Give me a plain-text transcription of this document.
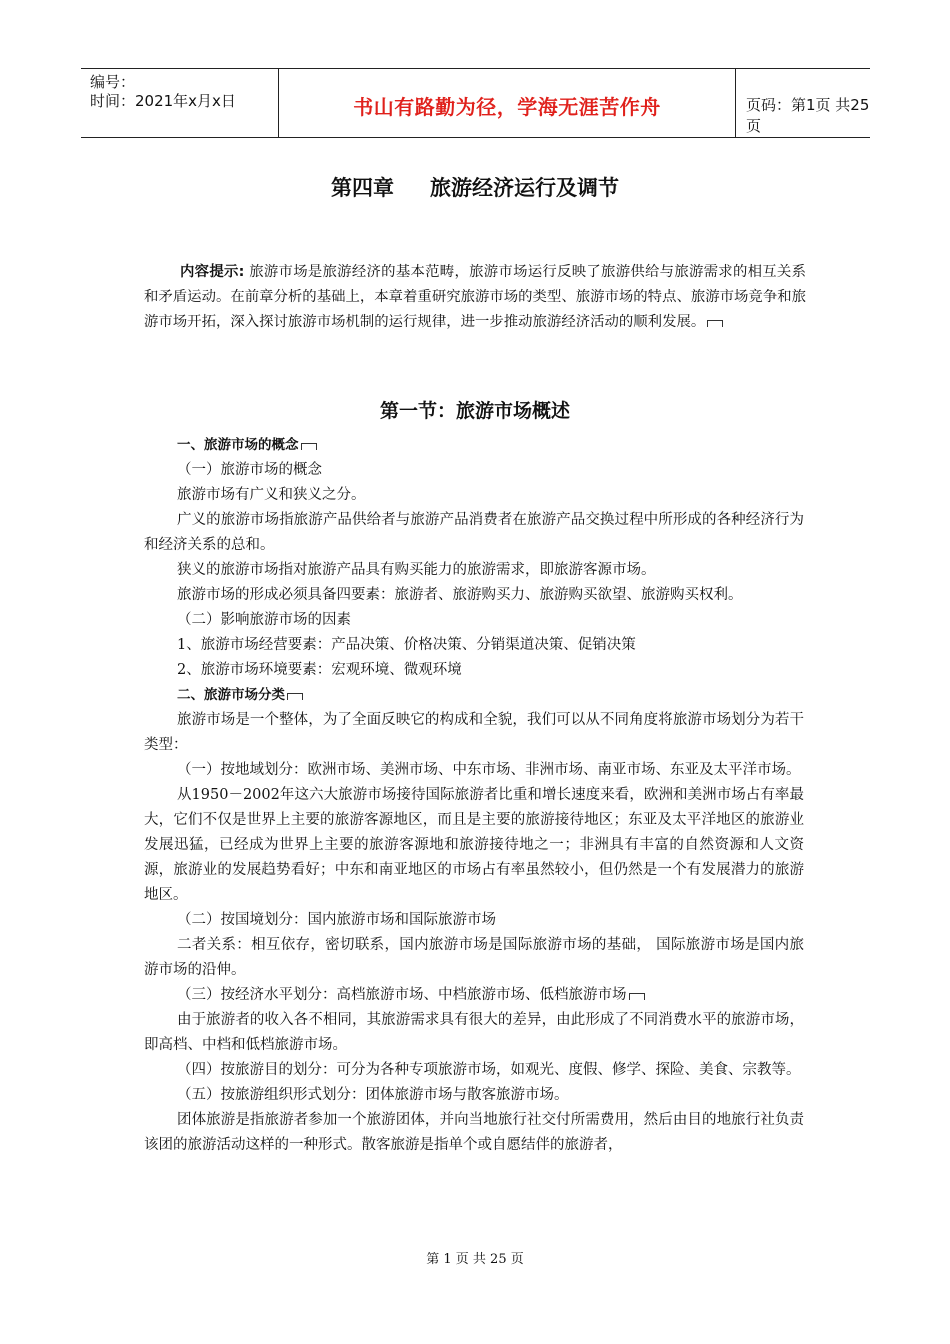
编号：
时间：2021年x月x日	书山有路勤为径，学海无涯苦作舟	页码：第1页 共25页
第四章 旅游经济运行及调节
内容提示: 旅游市场是旅游经济的基本范畴，旅游市场运行反映了旅游供给与旅游需求的相互关系和矛盾运动。在前章分析的基础上，本章着重研究旅游市场的类型、旅游市场的特点、旅游市场竞争和旅游市场开拓，深入探讨旅游市场机制的运行规律，进一步推动旅游经济活动的顺利发展。
第一节：旅游市场概述

一、旅游市场的概念

（一）旅游市场的概念

旅游市场有广义和狭义之分。

广义的旅游市场指旅游产品供给者与旅游产品消费者在旅游产品交换过程中所形成的各种经济行为和经济关系的总和。

狭义的旅游市场指对旅游产品具有购买能力的旅游需求，即旅游客源市场。

旅游市场的形成必须具备四要素：旅游者、旅游购买力、旅游购买欲望、旅游购买权利。

（二）影响旅游市场的因素

1、旅游市场经营要素：产品决策、价格决策、分销渠道决策、促销决策

2、旅游市场环境要素：宏观环境、微观环境

二、旅游市场分类

旅游市场是一个整体，为了全面反映它的构成和全貌，我们可以从不同角度将旅游市场划分为若干类型：

（一）按地域划分：欧洲市场、美洲市场、中东市场、非洲市场、南亚市场、东亚及太平洋市场。

从1950－2002年这六大旅游市场接待国际旅游者比重和增长速度来看，欧洲和美洲市场占有率最大，它们不仅是世界上主要的旅游客源地区，而且是主要的旅游接待地区；东亚及太平洋地区的旅游业发展迅猛，已经成为世界上主要的旅游客源地和旅游接待地之一；非洲具有丰富的自然资源和人文资源，旅游业的发展趋势看好；中东和南亚地区的市场占有率虽然较小，但仍然是一个有发展潜力的旅游地区。

（二）按国境划分：国内旅游市场和国际旅游市场

二者关系：相互依存，密切联系，国内旅游市场是国际旅游市场的基础， 国际旅游市场是国内旅游市场的沿伸。

（三）按经济水平划分：高档旅游市场、中档旅游市场、低档旅游市场

由于旅游者的收入各不相同，其旅游需求具有很大的差异，由此形成了不同消费水平的旅游市场，即高档、中档和低档旅游市场。

（四）按旅游目的划分：可分为各种专项旅游市场，如观光、度假、修学、探险、美食、宗教等。

（五）按旅游组织形式划分：团体旅游市场与散客旅游市场。

团体旅游是指旅游者参加一个旅游团体，并向当地旅行社交付所需费用，然后由目的地旅行社负责该团的旅游活动这样的一种形式。散客旅游是指单个或自愿结伴的旅游者，

第 1 页 共 25 页
